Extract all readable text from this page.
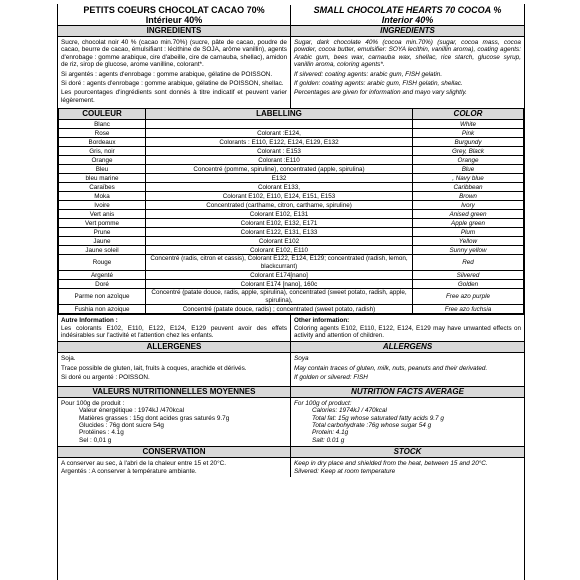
PETITS COEURS CHOCOLAT CACAO 70%
Intérieur 40%
SMALL CHOCOLATE HEARTS 70 COCOA %
Interior 40%
INGREDIENTS	INGREDIENTS

Sucre, chocolat noir 40 % (cacao min.70%) (sucre, pâte de cacao, poudre de cacao, beurre de cacao, émulsifiant : lécithine de SOJA, arôme vanillin), agents d'enrobage : gomme arabique, cire d'abeille, cire de carnauba, shellac), amidon de riz, sirop de glucose, arome vanilline, colorant*.

Si argentés : agents d'enrobage : gomme arabique, gélatine de POISSON.

Si doré : agents d'enrobage : gomme arabique, gélatine de POISSON, shellac.

Les pourcentages d'ingrédients sont donnés à titre indicatif et peuvent varier légèrement.

Sugar, dark chocolate 40% (cocoa min.70%) (sugar, cocoa mass, cocoa powder, cocoa butter, emulsifier: SOYA lecithin, vanillin aroma), coating agents: Arabic gum, bees wax, carnauba wax, shellac, rice starch, glucose syrup, vanillin aroma, coloring agents*.

If silvered: coating agents: arabic gum, FISH gelatin.

If golden: coating agents: arabic gum, FISH gelatin, shellac.

Percentages are given for information and mayo vary slightly.

COULEUR	LABELLING	COLOR
Blanc		White
Rose	Colorant :E124,	Pink
Bordeaux	Colorants : E110, E122, E124, E129, E132	Burgundy
Gris, noir	Colorant : E153	Grey, Black
Orange	Colorant :E110	Orange
Bleu	Concentré (pomme, spiruline), concentrated (apple, spirulina)	Blue
bleu marine	E132	, Navy blue
Caraïbes	Colorant E133,	Caribbean
Moka	Colorant E102, E110, E124, E151, E153	Brown
Ivoire	Concentrated (carthame, citron, carthame, spiruline)	Ivory
Vert anis	Colorant E102, E131	Anised green
Vert pomme	Colorant E102, E132, E171	Apple green
Prune	Colorant E122, E131, E133	Plum
Jaune	Colorant E102	Yellow
Jaune soleil	Colorant E102, E110	Sunny yellow
Rouge	Concentré (radis, citron et cassis), Colorant E122, E124, E129; concentrated (radish, lemon, blackcurrant)	Red
Argenté	Colorant E174[nano]	Silvered
Doré	Colorant E174 [nano], 160c	Golden
Parme non azoïque	Concentré (patate douce, radis, apple, spirulina), concentrated (sweet potato, radish, apple, spirulina),	Free azo purple
Fushia non azoique	Concentré (patate douce, radis) ; concentrated (sweet potato, radish)	Free azo fuchsia
Autre Information :
Les colorants E102, E110, E122, E124, E129 peuvent avoir des effets indésirables sur l'activité et l'attention chez les enfants.
Other information:
Coloring agents E102, E110, E122, E124, E129 may have unwanted effects on activity and attention of children.
ALLERGENES	ALLERGENS

Soja.

Trace possible de gluten, lait, fruits à coques, arachide et dérivés.

Si doré ou argenté : POISSON.

Soya

May contain traces of gluten, milk, nuts, peanuts and their derivated.

If golden or silvered: FISH

VALEURS NUTRITIONNELLES MOYENNES	NUTRITION FACTS AVERAGE
Pour 100g de produit :
Valeur énergétique : 1974kJ /470kcal
Matières grasses : 15g dont acides gras saturés 9.7g
Glucides : 76g dont sucre 54g
Protéines : 4.1g
Sel : 0,01 g
For 100g of product:
Calories: 1974kJ / 470kcal
Total fat: 15g whose saturated fatty acids 9.7 g
Total carbohydrate :76g whose sugar 54 g
Protein: 4.1g
Salt: 0.01 g
CONSERVATION	STOCK
A conserver au sec, à l'abri de la chaleur entre 15 et 20°C.
Argentés : A conserver à température ambiante.
Keep in dry place and shielded from the heat, between 15 and 20°C.
Silvered: Keep at room temperature
